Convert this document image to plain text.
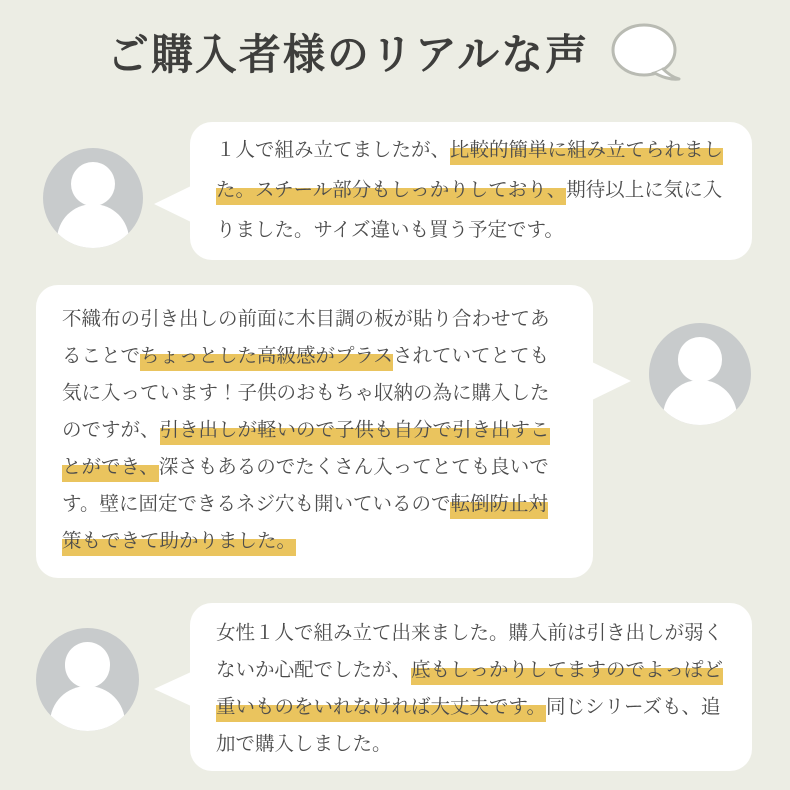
ご購入者様のリアルな声

１人で組み立てましたが、比較的簡単に組み立てられました。スチール部分もしっかりしており、期待以上に気に入りました。サイズ違いも買う予定です。

不織布の引き出しの前面に木目調の板が貼り合わせてあることでちょっとした高級感がプラスされていてとても気に入っています！子供のおもちゃ収納の為に購入したのですが、引き出しが軽いので子供も自分で引き出すことができ、深さもあるのでたくさん入ってとても良いです。壁に固定できるネジ穴も開いているので転倒防止対策もできて助かりました。

女性１人で組み立て出来ました。購入前は引き出しが弱くないか心配でしたが、底もしっかりしてますのでよっぽど重いものをいれなければ大丈夫です。同じシリーズも、追加で購入しました。
